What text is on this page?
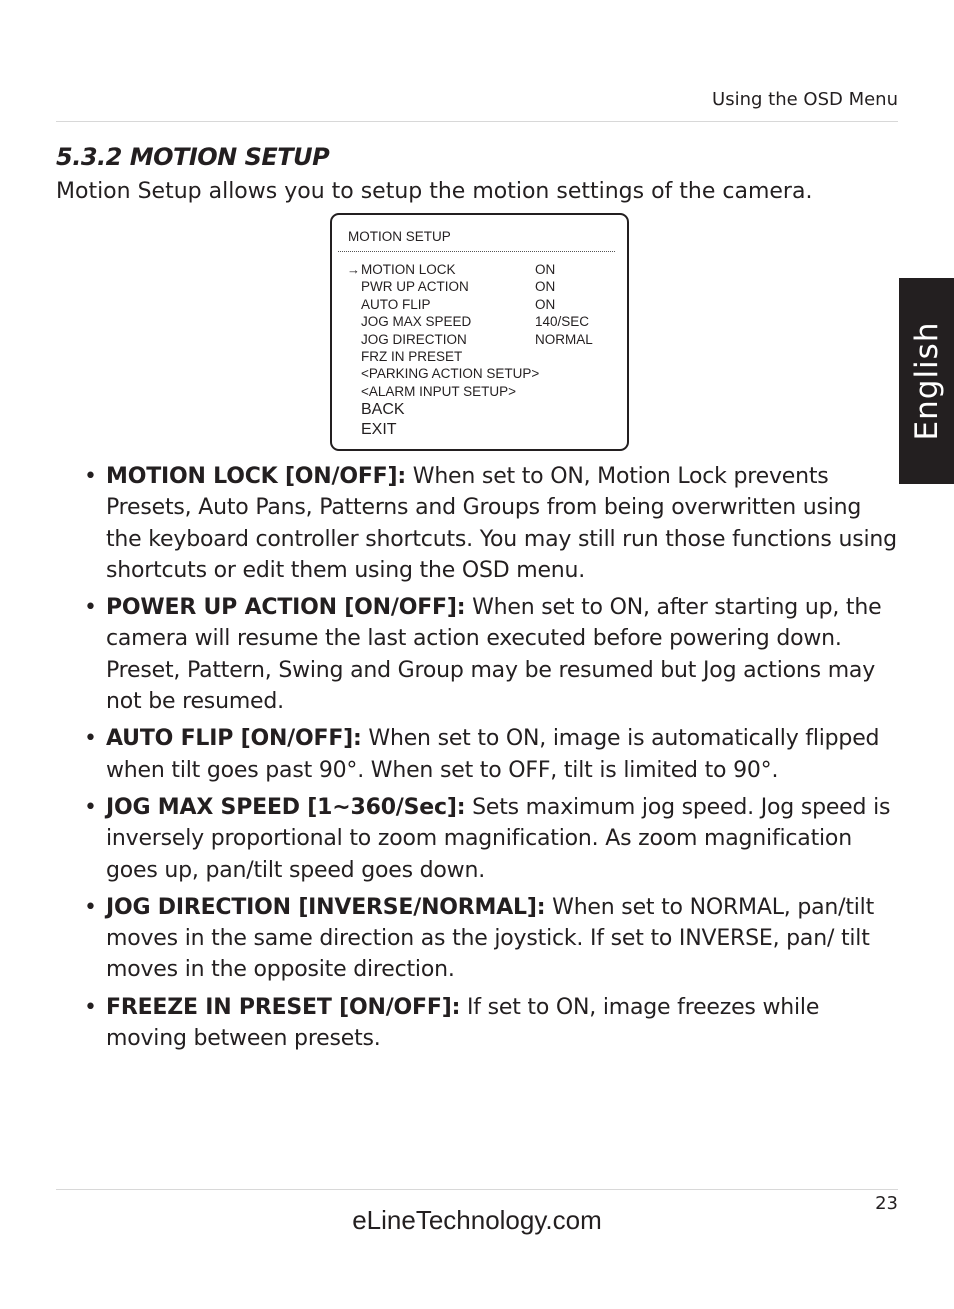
Using the OSD Menu
English
5.3.2 MOTION SETUP
Motion Setup allows you to setup the motion settings of the camera.
MOTION SETUP
→ MOTION LOCK	ON
PWR UP ACTION	ON
AUTO FLIP	ON
JOG MAX SPEED	140/SEC
JOG DIRECTION	NORMAL
FRZ IN PRESET
<PARKING ACTION SETUP>
<ALARM INPUT SETUP>
BACK
EXIT
• MOTION LOCK [ON/OFF]: When set to ON, Motion Lock prevents Presets, Auto Pans, Patterns and Groups from being overwritten using the keyboard controller shortcuts. You may still run those functions using shortcuts or edit them using the OSD menu.
• POWER UP ACTION [ON/OFF]: When set to ON, after starting up, the camera will resume the last action executed before powering down. Preset, Pattern, Swing and Group may be resumed but Jog actions may not be resumed.
• AUTO FLIP [ON/OFF]: When set to ON, image is automatically flipped when tilt goes past 90°. When set to OFF, tilt is limited to 90°.
• JOG MAX SPEED [1~360/Sec]: Sets maximum jog speed. Jog speed is inversely proportional to zoom magnification. As zoom magnification goes up, pan/tilt speed goes down.
• JOG DIRECTION [INVERSE/NORMAL]: When set to NORMAL, pan/tilt moves in the same direction as the joystick. If set to INVERSE, pan/ tilt moves in the opposite direction.
• FREEZE IN PRESET [ON/OFF]: If set to ON, image freezes while moving between presets.
23
eLineTechnology.com
